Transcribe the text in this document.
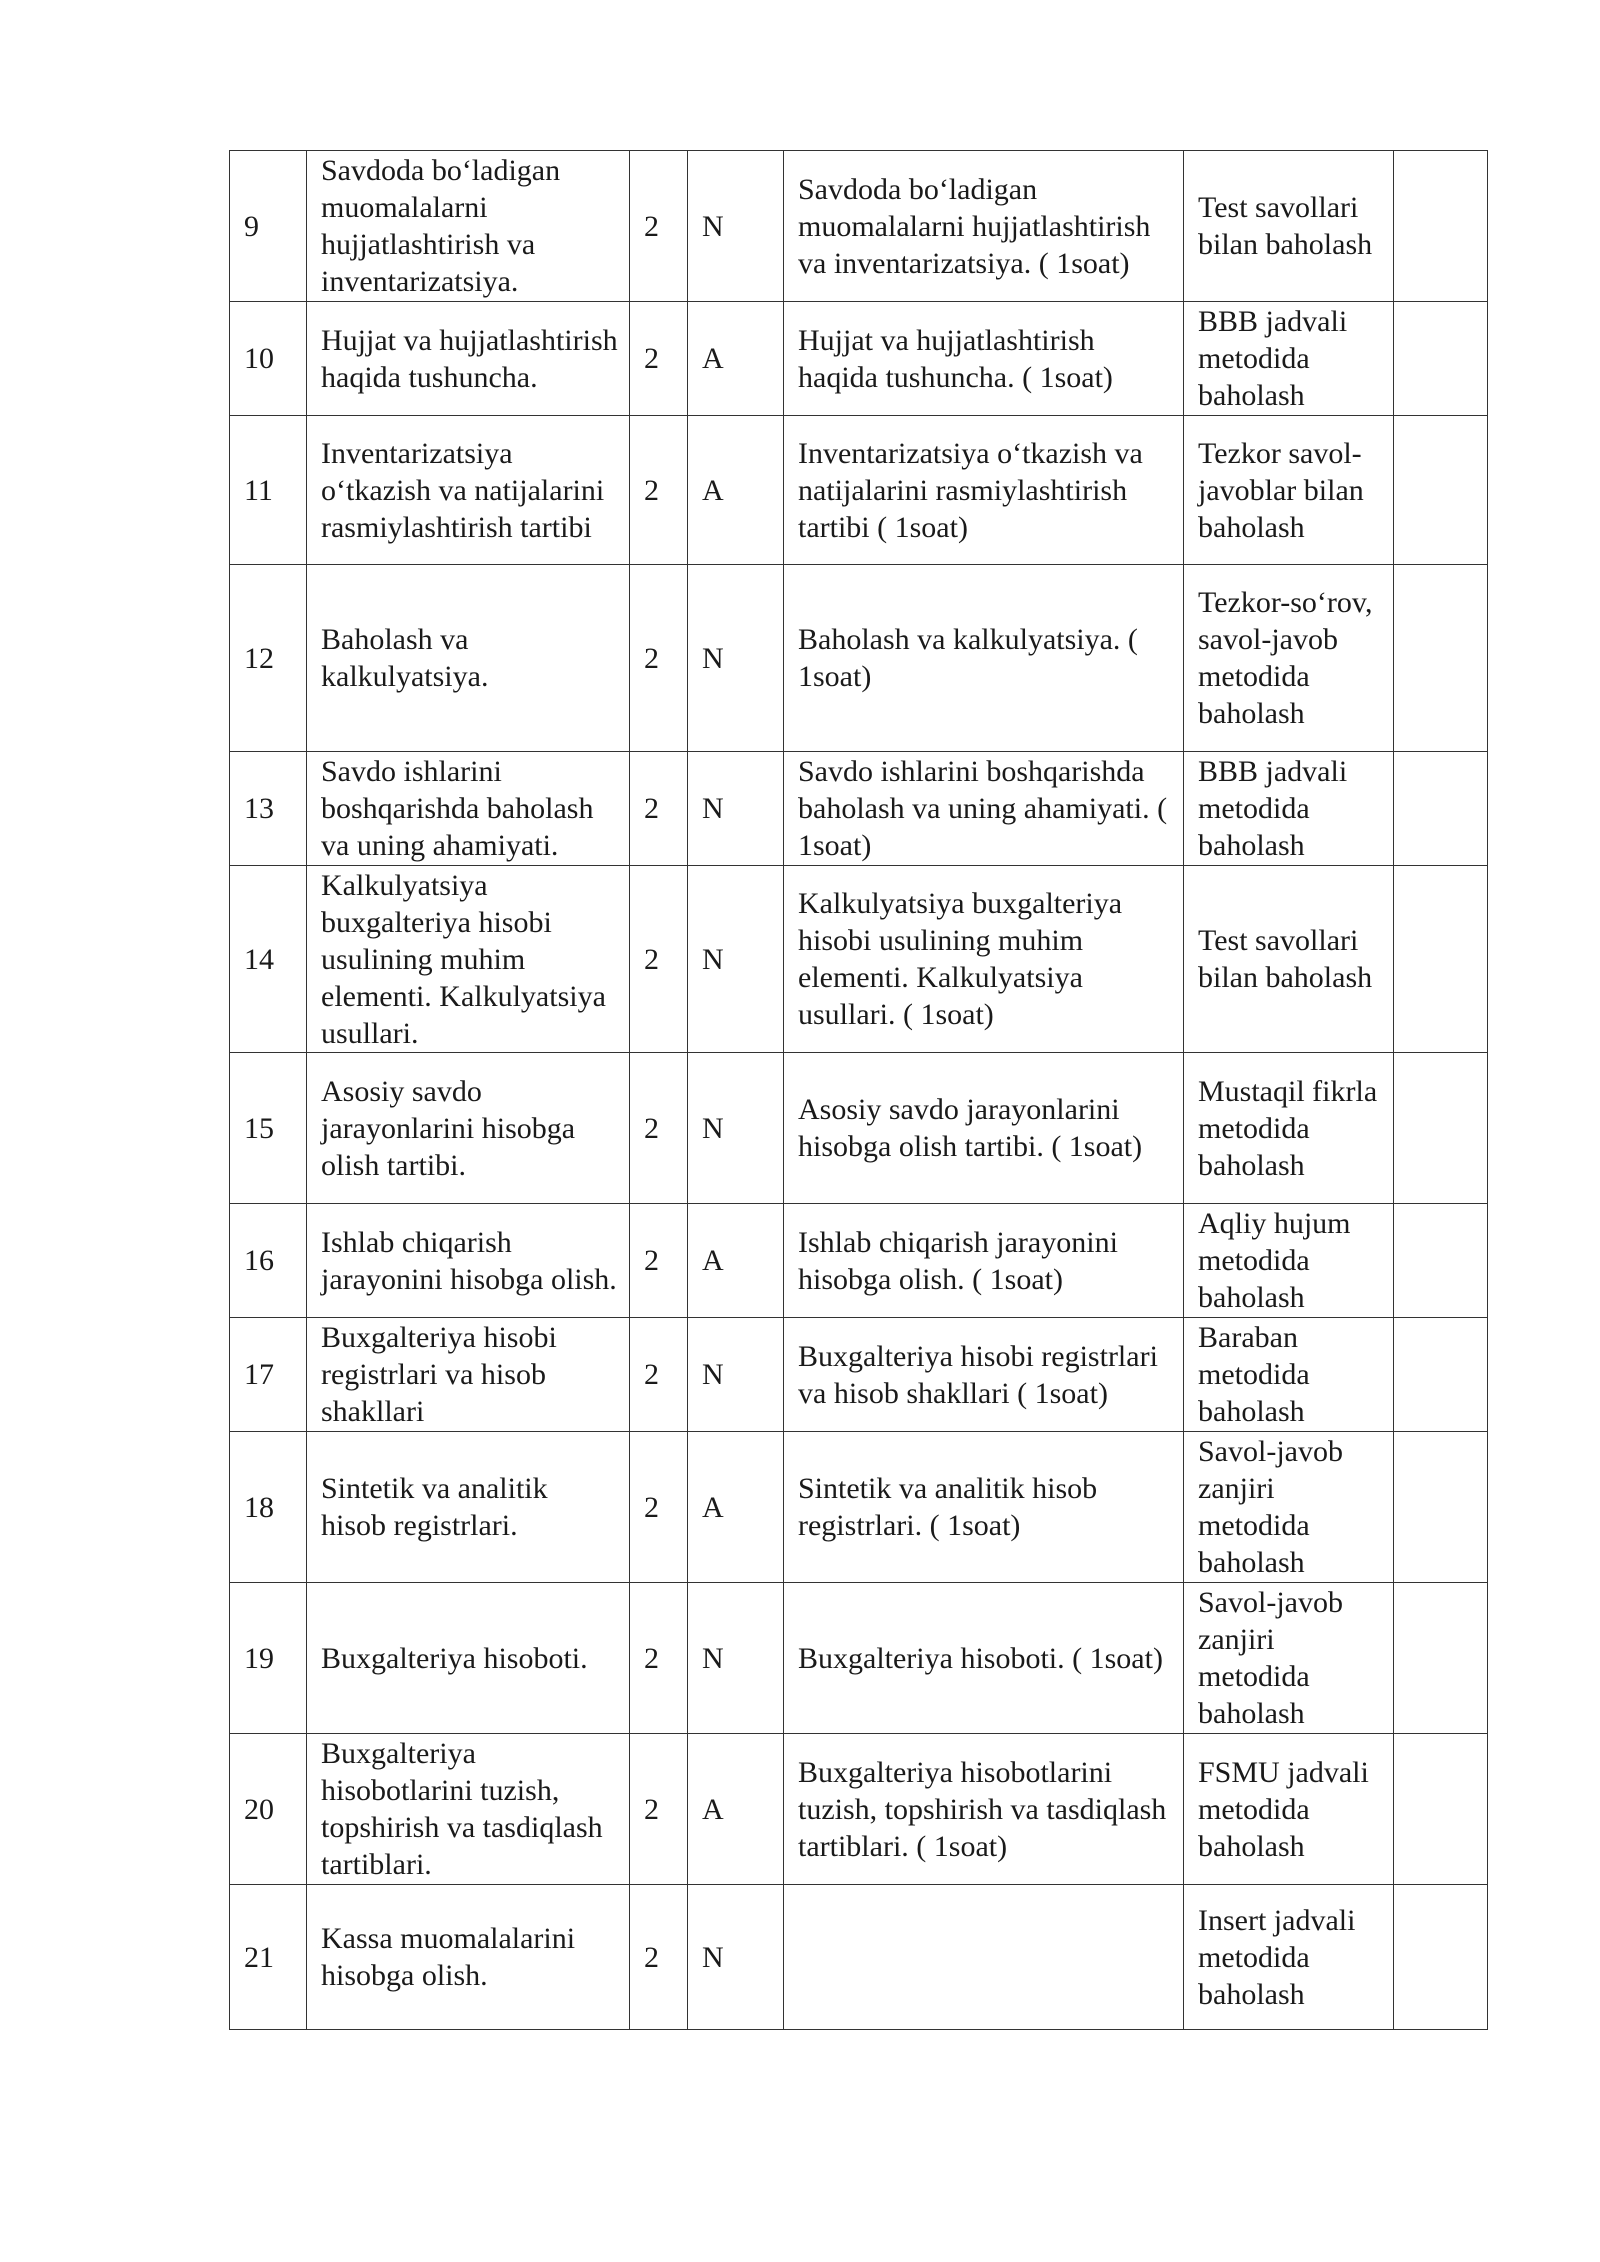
9	Savdoda bo‘ladigan muomalalarni hujjatlashtirish va inventarizatsiya.	2	N	Savdoda bo‘ladigan muomalalarni hujjatlashtirish va inventarizatsiya. ( 1soat)	Test savollari bilan baholash	
10	Hujjat va hujjatlashtirish haqida tushuncha.	2	A	Hujjat va hujjatlashtirish haqida tushuncha. ( 1soat)	BBB jadvali metodida baholash	
11	Inventarizatsiya o‘tkazish va natijalarini rasmiylashtirish tartibi	2	A	Inventarizatsiya o‘tkazish va natijalarini rasmiylashtirish tartibi ( 1soat)	Tezkor savol-javoblar bilan baholash	
12	Baholash va kalkulyatsiya.	2	N	Baholash va kalkulyatsiya. ( 1soat)	Tezkor-so‘rov, savol-javob metodida baholash	
13	Savdo ishlarini boshqarishda baholash va uning ahamiyati.	2	N	Savdo ishlarini boshqarishda baholash va uning ahamiyati. ( 1soat)	BBB jadvali metodida baholash	
14	Kalkulyatsiya buxgalteriya hisobi usulining muhim elementi. Kalkulyatsiya usullari.	2	N	Kalkulyatsiya buxgalteriya hisobi usulining muhim elementi. Kalkulyatsiya usullari. ( 1soat)	Test savollari bilan baholash	
15	Asosiy savdo jarayonlarini hisobga olish tartibi.	2	N	Asosiy savdo jarayonlarini hisobga olish tartibi. ( 1soat)	Mustaqil fikrla metodida baholash	
16	Ishlab chiqarish jarayonini hisobga olish.	2	A	Ishlab chiqarish jarayonini hisobga olish. ( 1soat)	Aqliy hujum metodida baholash	
17	Buxgalteriya hisobi registrlari va hisob shakllari	2	N	Buxgalteriya hisobi registrlari va hisob shakllari ( 1soat)	Baraban metodida baholash	
18	Sintetik va analitik hisob registrlari.	2	A	Sintetik va analitik hisob registrlari. ( 1soat)	Savol-javob zanjiri metodida baholash	
19	Buxgalteriya hisoboti.	2	N	Buxgalteriya hisoboti. ( 1soat)	Savol-javob zanjiri metodida baholash	
20	Buxgalteriya hisobotlarini tuzish, topshirish va tasdiqlash tartiblari.	2	A	Buxgalteriya hisobotlarini tuzish, topshirish va tasdiqlash tartiblari. ( 1soat)	FSMU jadvali metodida baholash	
21	Kassa muomalalarini hisobga olish.	2	N		Insert jadvali metodida baholash	
